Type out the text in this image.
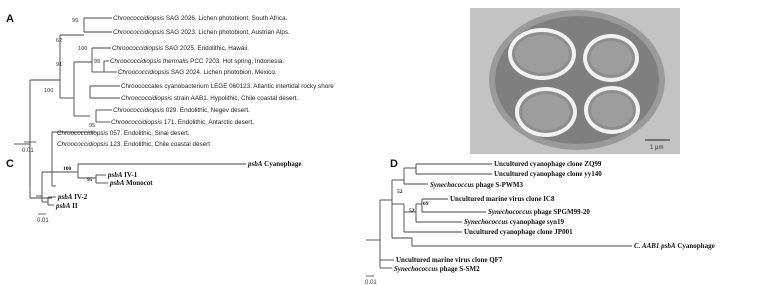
A	Chroococcidiopsis SAG 2026. Lichen photobiont, South Africa.
Chroococcidiopsis SAG 2023. Lichen photobiont, Austrian Alps.
Chroococcidiopsis SAG 2025. Endolithic, Hawaii.
Chroococcidiopsis thermalis PCC 7203. Hot spring, Indonesia.
Chroococcidiopsis SAG 2024. Lichen photobion, Mexico.
Chroococcales cyanobacterium LEGE 060123. Atlantic intertidal rocky shore
Chroococcidiopsis strain AAB1. Hypolithic, Chile coastal desert.
Chroococcidiopsis 029. Endolithic, Negev desert.
Chroococcidiopsis 171. Endolithic, Antarctic desert.
Chroococcidiopsis 057. Endolithic, Sinai desert.
Chroococcidiopsis 123. Endolithic, Chile coastal desert
99
62
100
99
91
100
95
0.01	1 μm
C	psbA Cyanophage
psbA IV-1
psbA Monocot
psbA IV-2
psbA II
100
95
0.01
D	Uncultured cyanophage clone ZQ99
Uncultured cyanophage clone yy140
Synechococcus phage S-PWM3
Uncultured marine virus clone IC8
Synechococcus phage SPGM99-20
Synechococcus cyanophage syn19
Uncultured cyanophage clone JP001
Uncultured marine virus clone QF7
Synechococcus phage S-SM2
C. AAB1 psbA Cyanophage
52
69
52
0.01
